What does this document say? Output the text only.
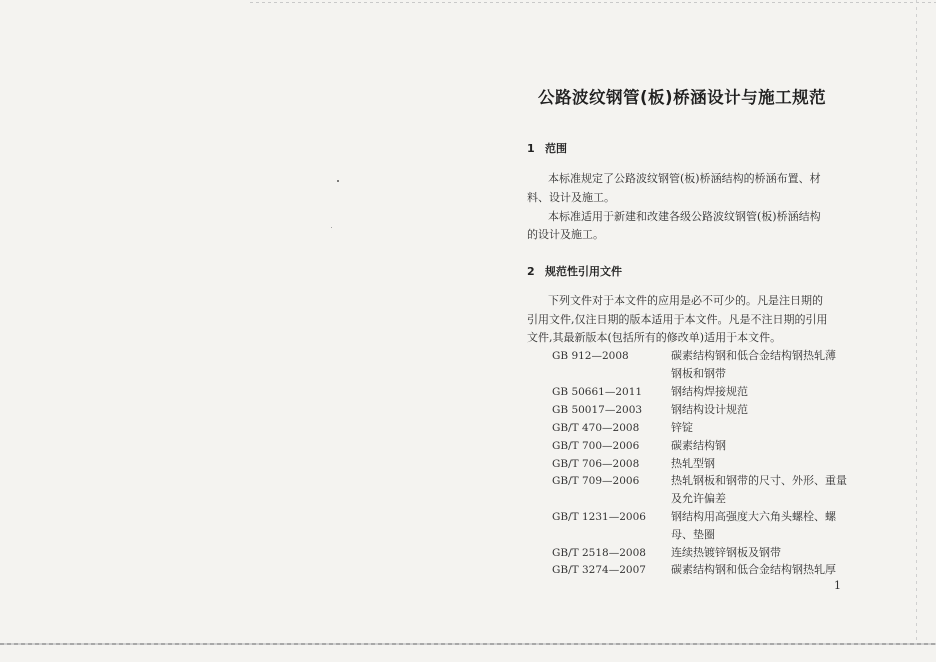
公路波纹钢管(板)桥涵设计与施工规范
1 范围
本标准规定了公路波纹钢管(板)桥涵结构的桥涵布置、材
料、设计及施工。
本标准适用于新建和改建各级公路波纹钢管(板)桥涵结构
的设计及施工。
2 规范性引用文件
下列文件对于本文件的应用是必不可少的。凡是注日期的
引用文件,仅注日期的版本适用于本文件。凡是不注日期的引用
文件,其最新版本(包括所有的修改单)适用于本文件。
GB 912—2008	碳素结构钢和低合金结构钢热轧薄
钢板和钢带
GB 50661—2011	钢结构焊接规范
GB 50017—2003	钢结构设计规范
GB/T 470—2008	锌锭
GB/T 700—2006	碳素结构钢
GB/T 706—2008	热轧型钢
GB/T 709—2006	热轧钢板和钢带的尺寸、外形、重量
及允许偏差
GB/T 1231—2006 钢结构用高强度大六角头螺栓、螺
母、垫圈
GB/T 2518—2008 连续热镀锌钢板及钢带
GB/T 3274—2007 碳素结构钢和低合金结构钢热轧厚
1
